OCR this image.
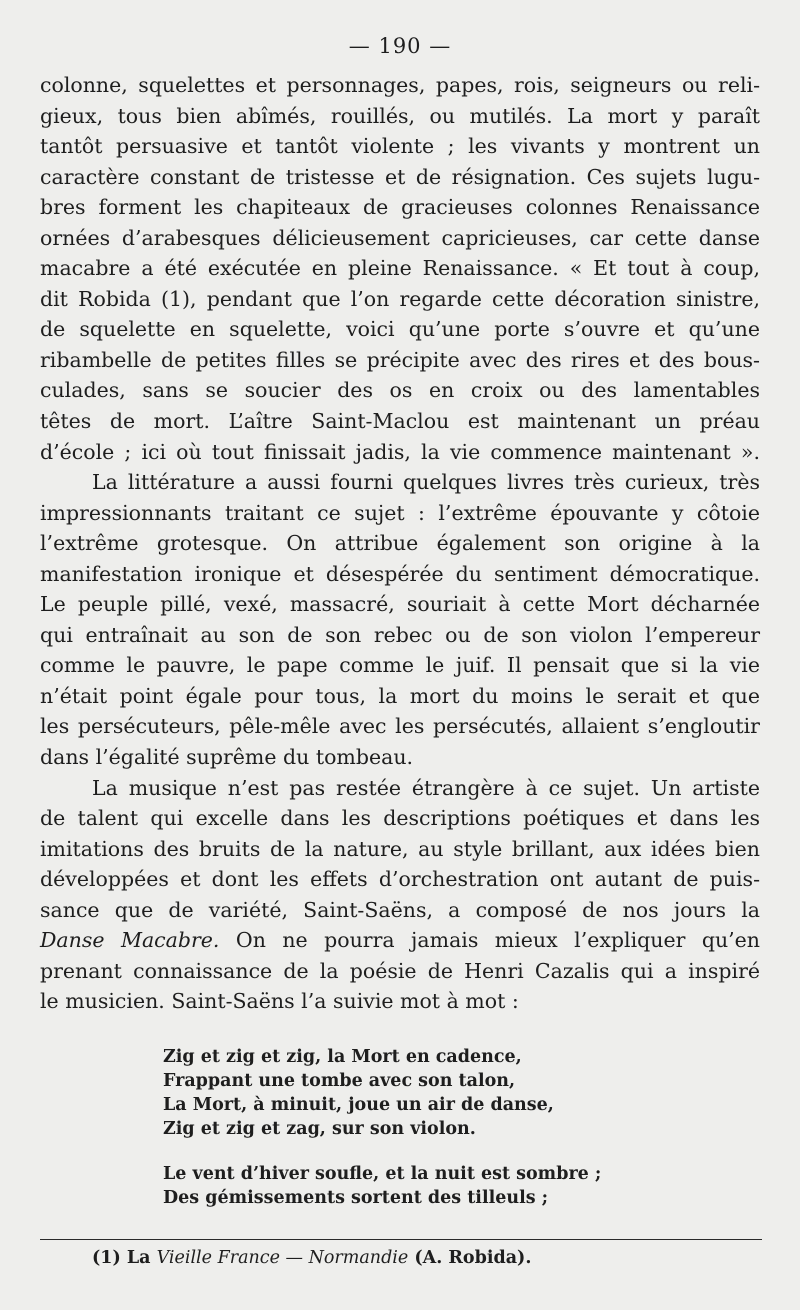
— 190 —
colonne, squelettes et personnages, papes, rois, seigneurs ou reli-
gieux, tous bien abîmés, rouillés, ou mutilés. La mort y paraît
tantôt persuasive et tantôt violente ; les vivants y montrent un
caractère constant de tristesse et de résignation. Ces sujets lugu-
bres forment les chapiteaux de gracieuses colonnes Renaissance
ornées d’arabesques délicieusement capricieuses, car cette danse
macabre a été exécutée en pleine Renaissance. « Et tout à coup,
dit Robida (1), pendant que l’on regarde cette décoration sinistre,
de squelette en squelette, voici qu’une porte s’ouvre et qu’une
ribambelle de petites filles se précipite avec des rires et des bous-
culades, sans se soucier des os en croix ou des lamentables
têtes de mort. L’aître Saint-Maclou est maintenant un préau
d’école ; ici où tout finissait jadis, la vie commence maintenant ».
La littérature a aussi fourni quelques livres très curieux, très
impressionnants traitant ce sujet : l’extrême épouvante y côtoie
l’extrême grotesque. On attribue également son origine à la
manifestation ironique et désespérée du sentiment démocratique.
Le peuple pillé, vexé, massacré, souriait à cette Mort décharnée
qui entraînait au son de son rebec ou de son violon l’empereur
comme le pauvre, le pape comme le juif. Il pensait que si la vie
n’était point égale pour tous, la mort du moins le serait et que
les persécuteurs, pêle-mêle avec les persécutés, allaient s’engloutir
dans l’égalité suprême du tombeau.
La musique n’est pas restée étrangère à ce sujet. Un artiste
de talent qui excelle dans les descriptions poétiques et dans les
imitations des bruits de la nature, au style brillant, aux idées bien
développées et dont les effets d’orchestration ont autant de puis-
sance que de variété, Saint-Saëns, a composé de nos jours la
Danse Macabre. On ne pourra jamais mieux l’expliquer qu’en
prenant connaissance de la poésie de Henri Cazalis qui a inspiré
le musicien. Saint-Saëns l’a suivie mot à mot :
Zig et zig et zig, la Mort en cadence,
Frappant une tombe avec son talon,
La Mort, à minuit, joue un air de danse,
Zig et zig et zag, sur son violon.
Le vent d’hiver soufle, et la nuit est sombre ;
Des gémissements sortent des tilleuls ;
(1) La Vieille France — Normandie (A. Robida).
